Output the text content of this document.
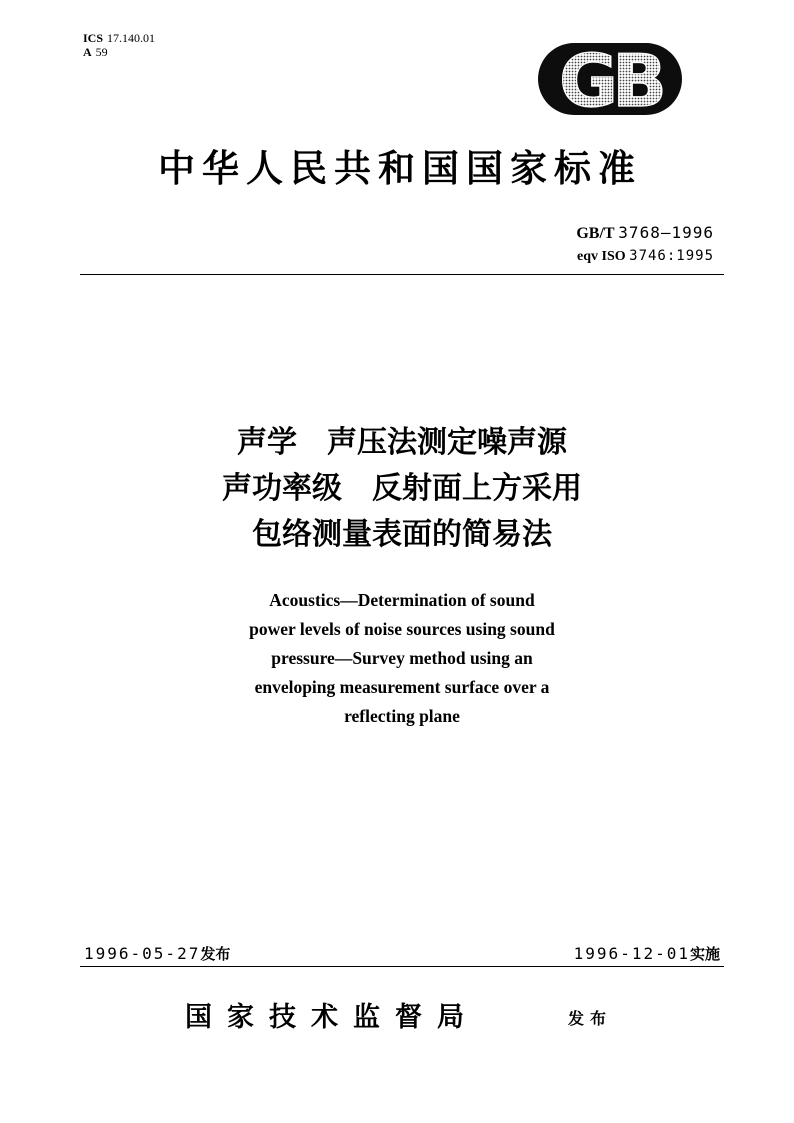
ICS 17.140.01
A 59	GB
中华人民共和国国家标准
GB/T 3768—1996
eqv ISO 3746:1995
声学　声压法测定噪声源
声功率级　反射面上方采用
包络测量表面的简易法
Acoustics—Determination of sound
power levels of noise sources using sound
pressure—Survey method using an
enveloping measurement surface over a
reflecting plane
1996-05-27发布	1996-12-01实施
国家技术监督局	发布
